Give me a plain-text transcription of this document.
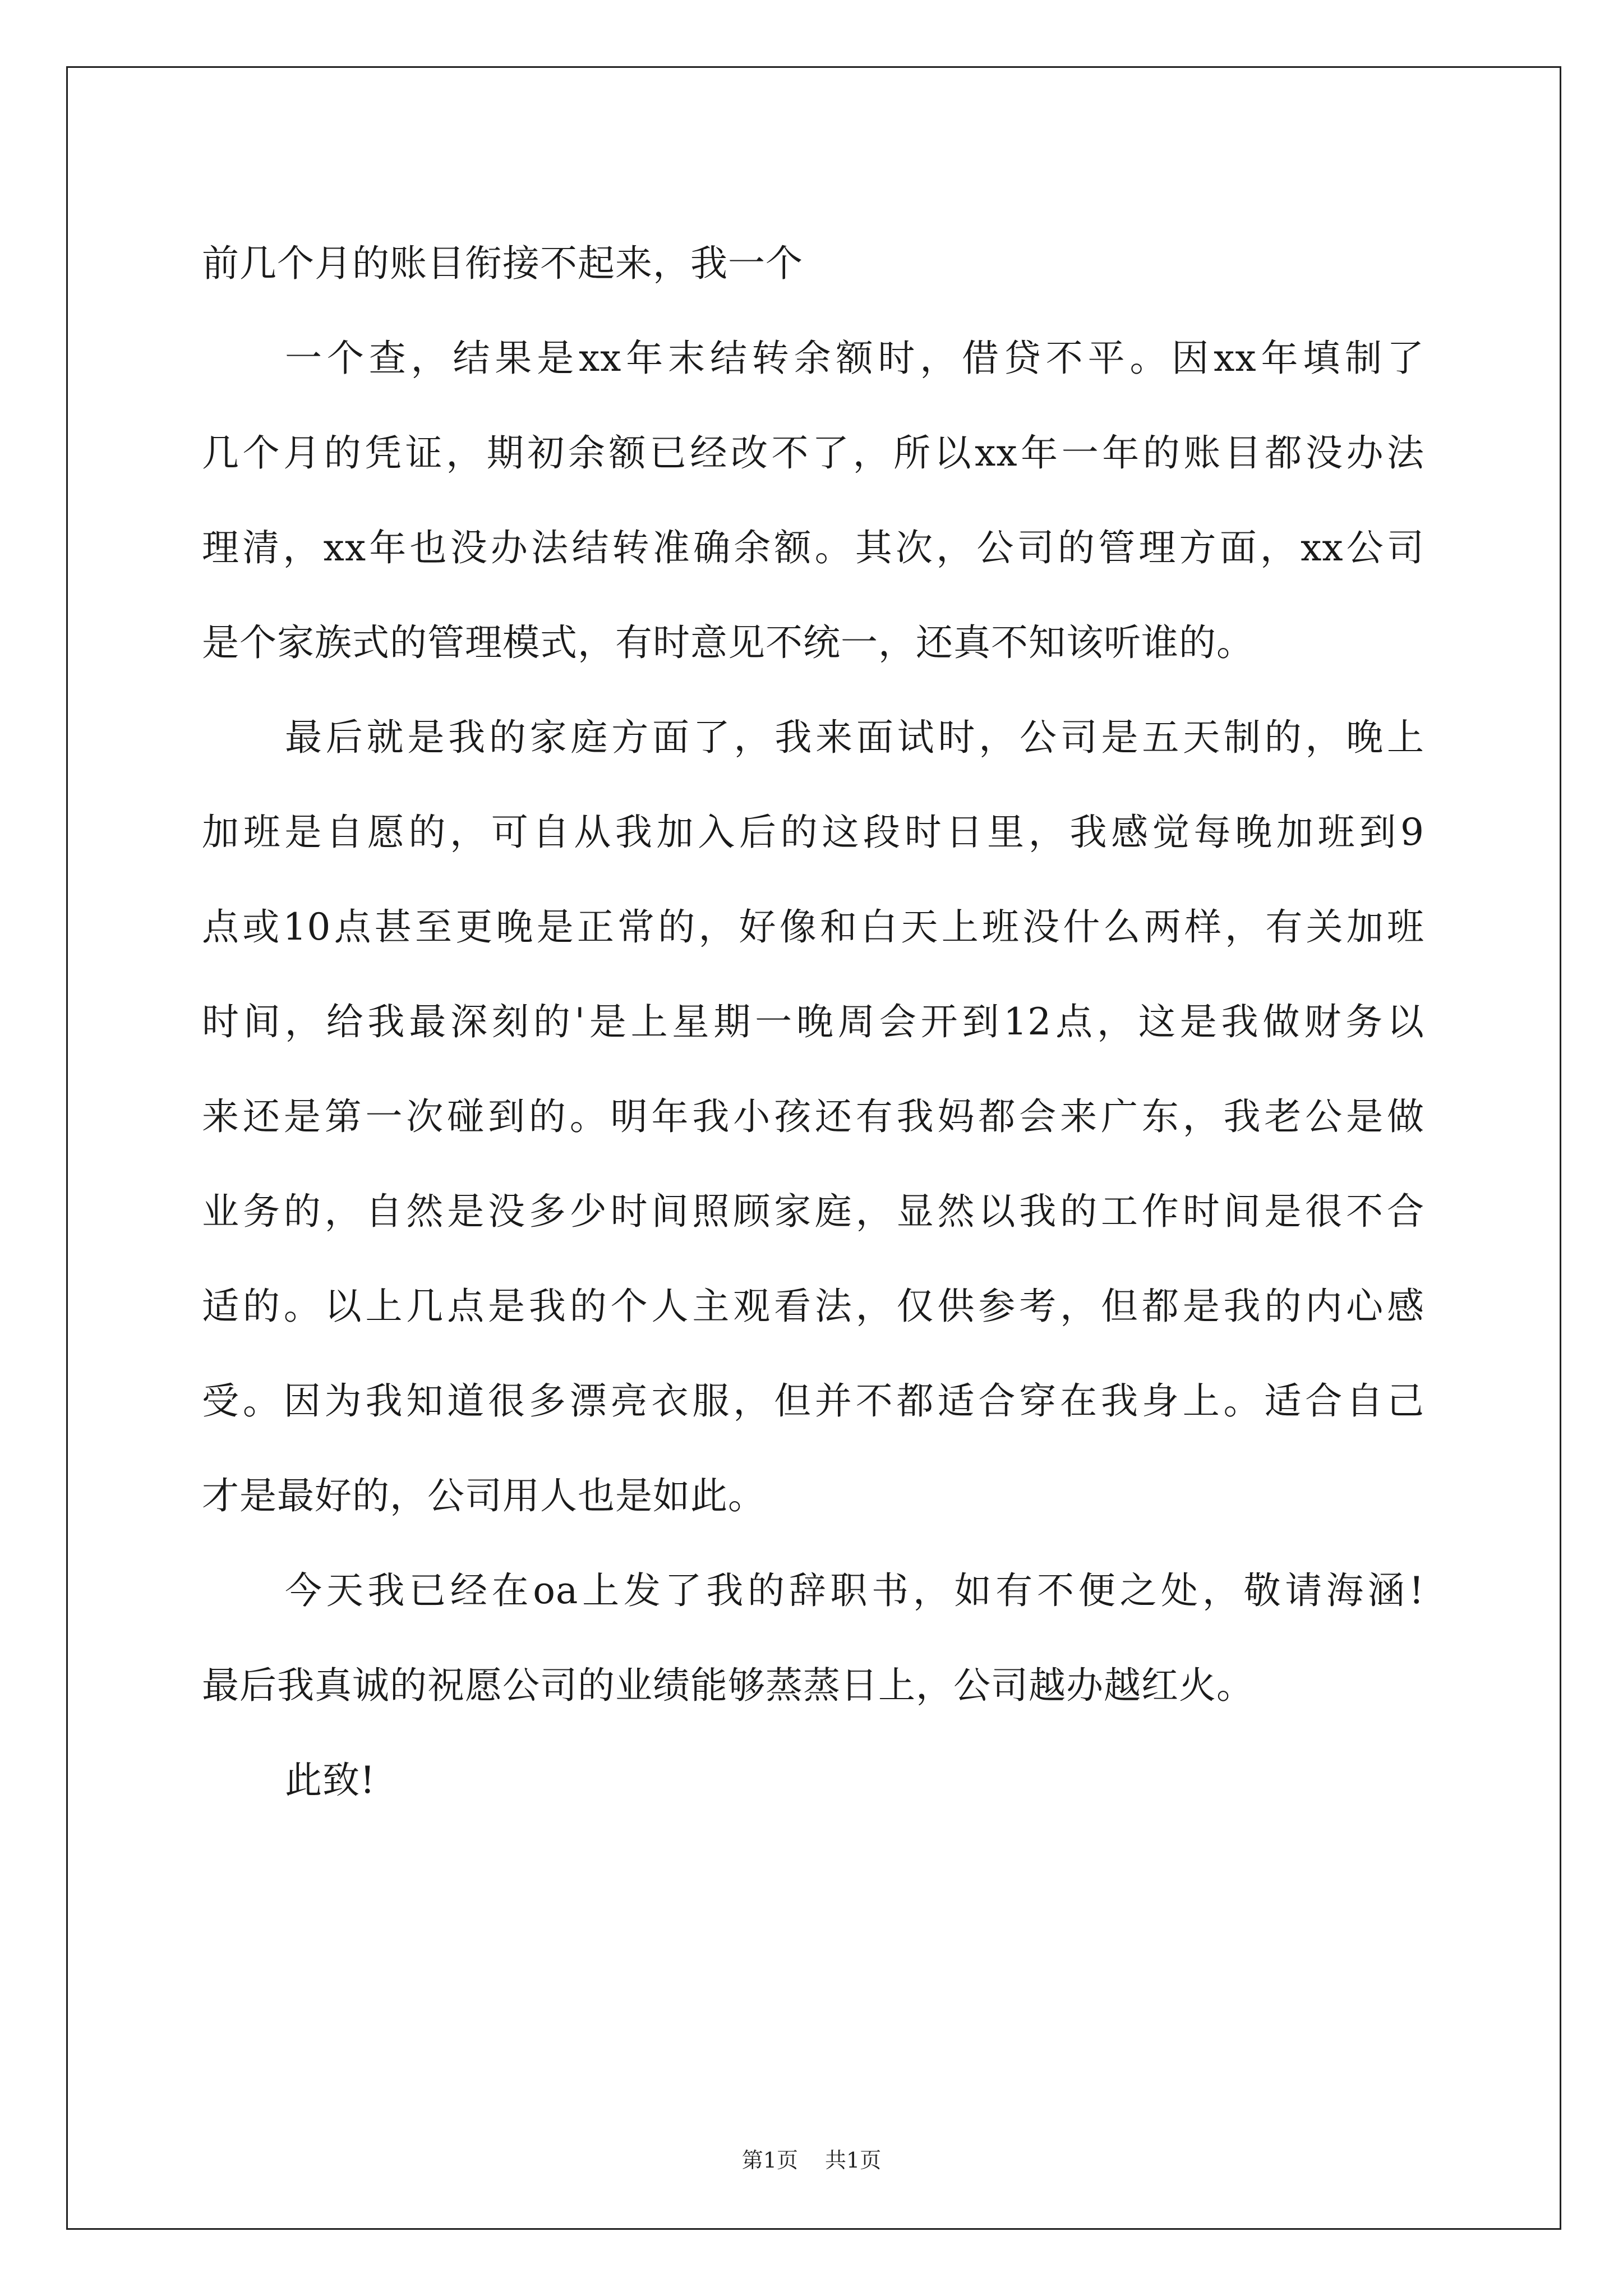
前几个月的账目衔接不起来，我一个
一个查，结果是xx年末结转余额时，借贷不平。因xx年填制了
几个月的凭证，期初余额已经改不了，所以xx年一年的账目都没办法
理清，xx年也没办法结转准确余额。其次，公司的管理方面，xx公司
是个家族式的管理模式，有时意见不统一，还真不知该听谁的。
最后就是我的家庭方面了，我来面试时，公司是五天制的，晚上
加班是自愿的，可自从我加入后的这段时日里，我感觉每晚加班到9
点或10点甚至更晚是正常的，好像和白天上班没什么两样，有关加班
时间，给我最深刻的'是上星期一晚周会开到12点，这是我做财务以
来还是第一次碰到的。明年我小孩还有我妈都会来广东，我老公是做
业务的，自然是没多少时间照顾家庭，显然以我的工作时间是很不合
适的。以上几点是我的个人主观看法，仅供参考，但都是我的内心感
受。因为我知道很多漂亮衣服，但并不都适合穿在我身上。适合自己
才是最好的，公司用人也是如此。
今天我已经在oa上发了我的辞职书，如有不便之处，敬请海涵!
最后我真诚的祝愿公司的业绩能够蒸蒸日上，公司越办越红火。
此致!
第1页 共1页
